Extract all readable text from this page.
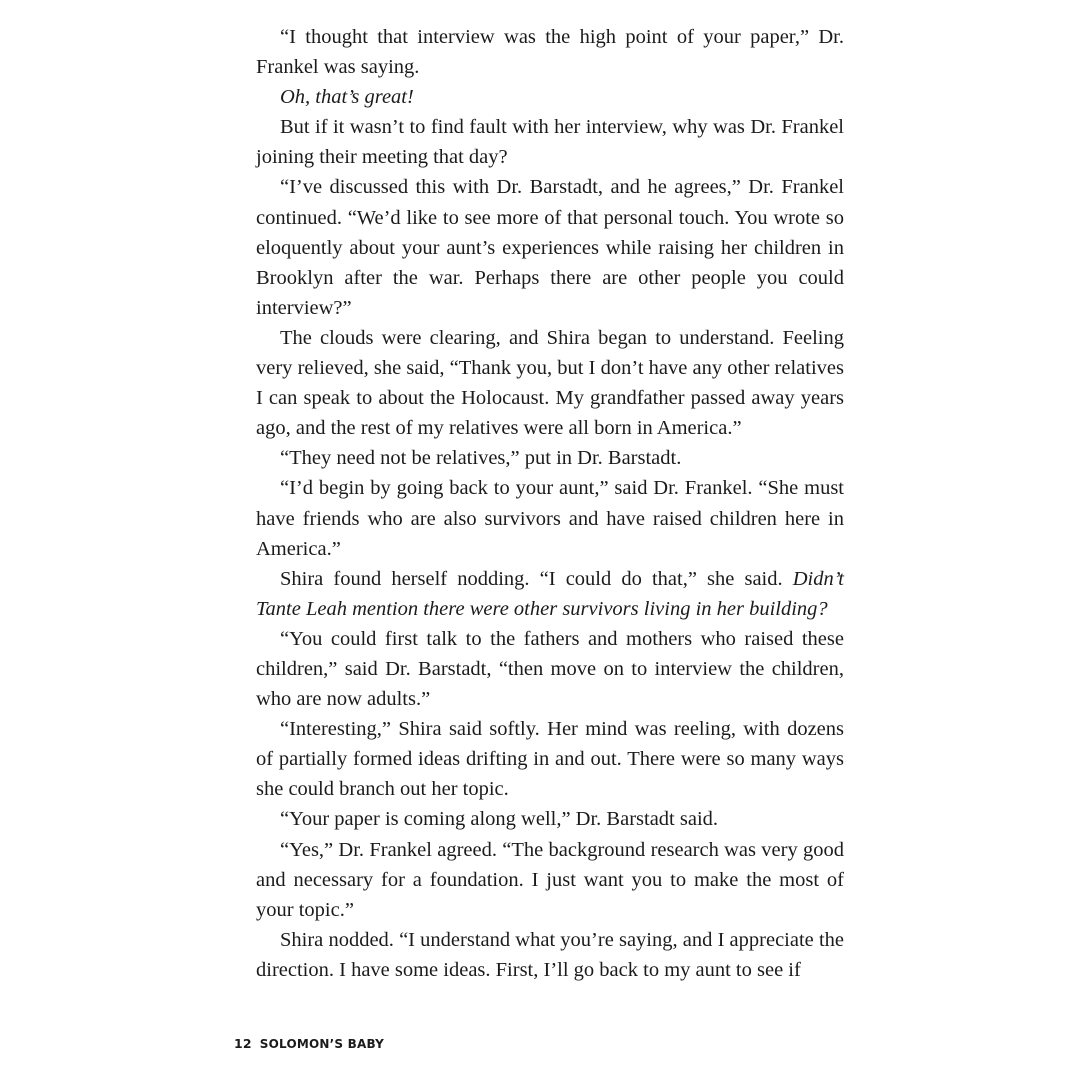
“I thought that interview was the high point of your paper,” Dr. Frankel was saying.

Oh, that’s great!

But if it wasn’t to find fault with her interview, why was Dr. Frankel joining their meeting that day?

“I’ve discussed this with Dr. Barstadt, and he agrees,” Dr. Frankel continued. “We’d like to see more of that personal touch. You wrote so eloquently about your aunt’s experiences while raising her children in Brooklyn after the war. Perhaps there are other people you could interview?”

The clouds were clearing, and Shira began to understand. Feeling very relieved, she said, “Thank you, but I don’t have any other relatives I can speak to about the Holocaust. My grandfather passed away years ago, and the rest of my relatives were all born in America.”

“They need not be relatives,” put in Dr. Barstadt.

“I’d begin by going back to your aunt,” said Dr. Frankel. “She must have friends who are also survivors and have raised children here in America.”

Shira found herself nodding. “I could do that,” she said. Didn’t Tante Leah mention there were other survivors living in her building?

“You could first talk to the fathers and mothers who raised these children,” said Dr. Barstadt, “then move on to interview the children, who are now adults.”

“Interesting,” Shira said softly. Her mind was reeling, with dozens of partially formed ideas drifting in and out. There were so many ways she could branch out her topic.

“Your paper is coming along well,” Dr. Barstadt said.

“Yes,” Dr. Frankel agreed. “The background research was very good and necessary for a foundation. I just want you to make the most of your topic.”

Shira nodded. “I understand what you’re saying, and I appreciate the direction. I have some ideas. First, I’ll go back to my aunt to see if

12 SOLOMON’S BABY
